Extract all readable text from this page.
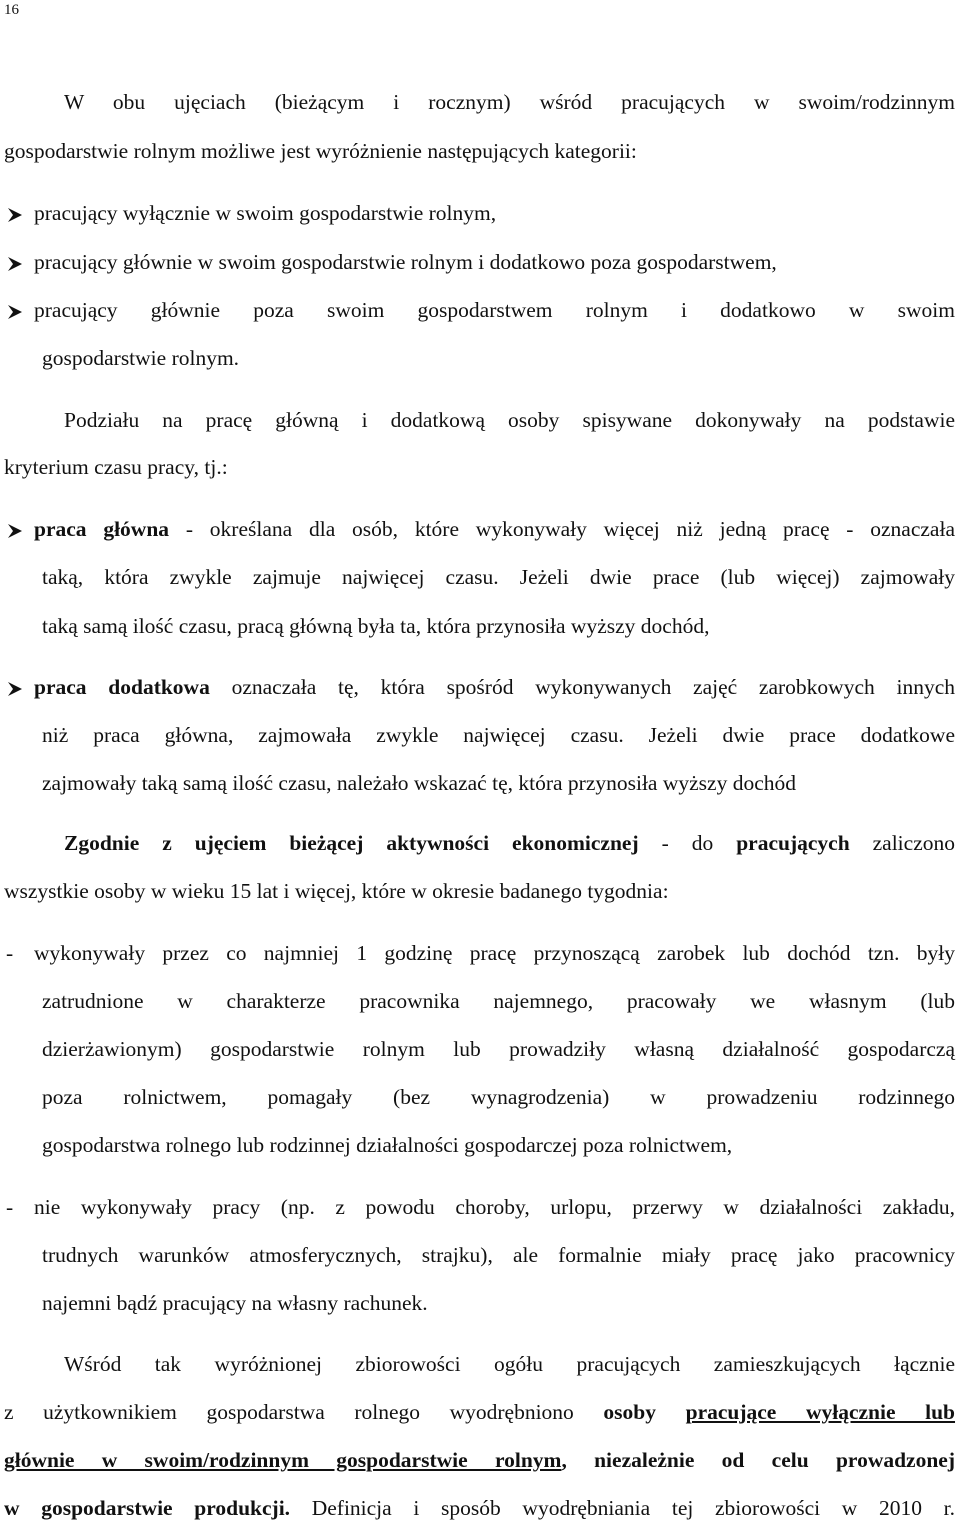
16
W obu ujęciach (bieżącym i rocznym) wśród pracujących w swoim/rodzinnym
gospodarstwie rolnym możliwe jest wyróżnienie następujących kategorii:
pracujący wyłącznie w swoim gospodarstwie rolnym,
pracujący głównie w swoim gospodarstwie rolnym i dodatkowo poza gospodarstwem,
pracujący głównie poza swoim gospodarstwem rolnym i dodatkowo w swoim
gospodarstwie rolnym.
Podziału na pracę główną i dodatkową osoby spisywane dokonywały na podstawie
kryterium czasu pracy, tj.:
praca główna - określana dla osób, które wykonywały więcej niż jedną pracę - oznaczała
taką, która zwykle zajmuje najwięcej czasu. Jeżeli dwie prace (lub więcej) zajmowały
taką samą ilość czasu, pracą główną była ta, która przynosiła wyższy dochód,
praca dodatkowa oznaczała tę, która spośród wykonywanych zajęć zarobkowych innych
niż praca główna, zajmowała zwykle najwięcej czasu. Jeżeli dwie prace dodatkowe
zajmowały taką samą ilość czasu, należało wskazać tę, która przynosiła wyższy dochód
Zgodnie z ujęciem bieżącej aktywności ekonomicznej - do pracujących zaliczono
wszystkie osoby w wieku 15 lat i więcej, które w okresie badanego tygodnia:
- wykonywały przez co najmniej 1 godzinę pracę przynoszącą zarobek lub dochód tzn. były
zatrudnione w charakterze pracownika najemnego, pracowały we własnym (lub
dzierżawionym) gospodarstwie rolnym lub prowadziły własną działalność gospodarczą
poza rolnictwem, pomagały (bez wynagrodzenia) w prowadzeniu rodzinnego
gospodarstwa rolnego lub rodzinnej działalności gospodarczej poza rolnictwem,
- nie wykonywały pracy (np. z powodu choroby, urlopu, przerwy w działalności zakładu,
trudnych warunków atmosferycznych, strajku), ale formalnie miały pracę jako pracownicy
najemni bądź pracujący na własny rachunek.
Wśród tak wyróżnionej zbiorowości ogółu pracujących zamieszkujących łącznie
z użytkownikiem gospodarstwa rolnego wyodrębniono osoby pracujące wyłącznie lub
głównie w swoim/rodzinnym gospodarstwie rolnym, niezależnie od celu prowadzonej
w gospodarstwie produkcji. Definicja i sposób wyodrębniania tej zbiorowości w 2010 r.
